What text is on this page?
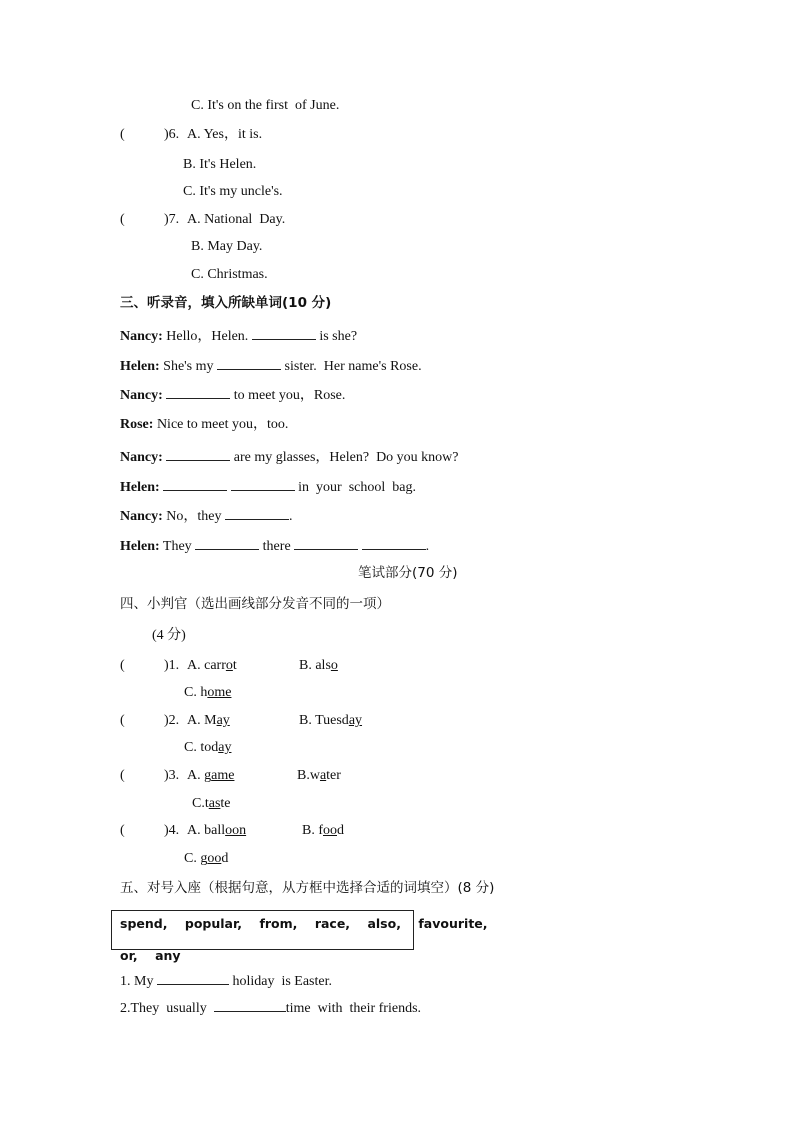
C. It's on the first  of June.
(	)6. A. Yes，it is.
B. It's Helen.
C. It's my uncle's.
(	)7. A. National  Day.
B. May Day.
C. Christmas.
三、听录音，填入所缺单词(10 分)
Nancy: Hello，Helen.	is she?
Helen: She's my	sister.  Her name's Rose.
Nancy:	to meet you，Rose.
Rose: Nice to meet you，too.
Nancy:	are my glasses，Helen?  Do you know?
Helen:	in  your  school  bag.
Nancy: No，they	.
Helen: They	there	.
笔试部分(70 分)
四、小判官（选出画线部分发音不同的一项）
(4 分)
(	)1. A. carrot	B. also
C. home
(	)2. A. May	B. Tuesday
C. today
(	)3. A. game	B.water
C.taste
(	)4. A. balloon	B. food
C. good
五、对号入座（根据句意，从方框中选择合适的词填空）(8 分)
spend,    popular,    from,    race,    also,    favourite,
or,    any
1. My	holiday  is Easter.
2.They  usually	time  with  their friends.
